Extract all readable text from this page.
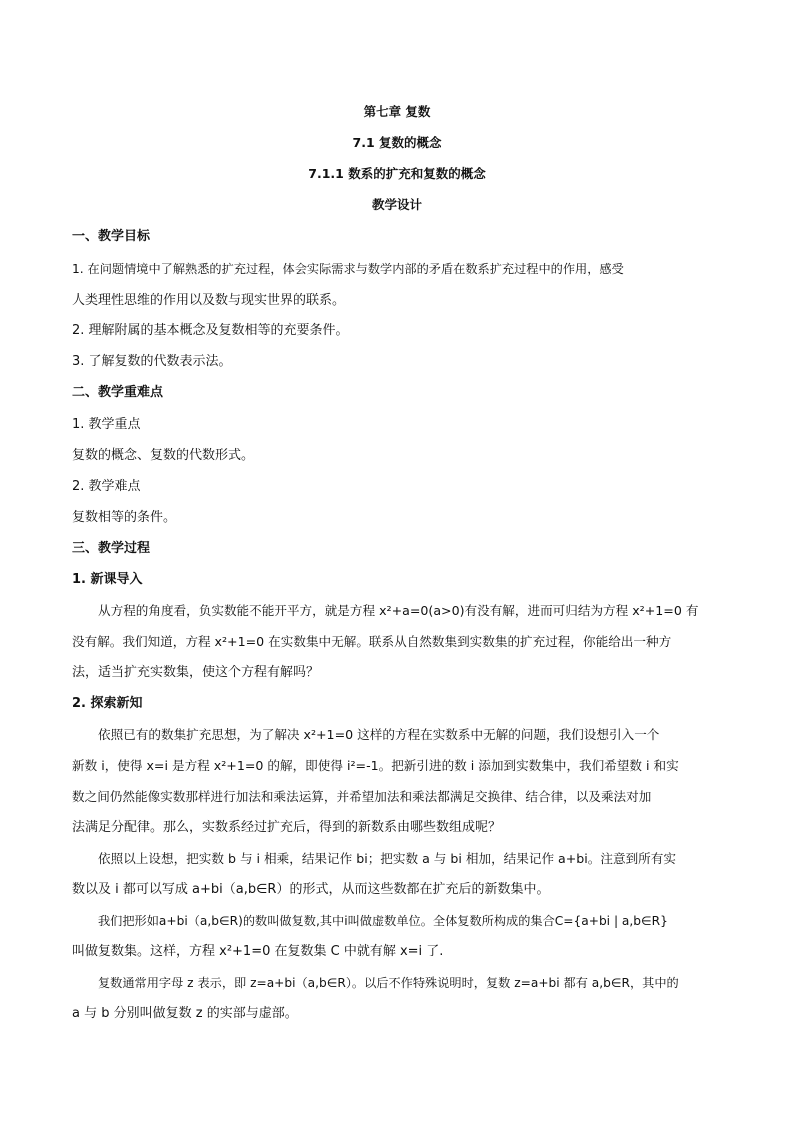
第七章 复数
7.1 复数的概念
7.1.1 数系的扩充和复数的概念
教学设计
一、教学目标
1. 在问题情境中了解熟悉的扩充过程，体会实际需求与数学内部的矛盾在数系扩充过程中的作用，感受
人类理性思维的作用以及数与现实世界的联系。
2. 理解附属的基本概念及复数相等的充要条件。
3. 了解复数的代数表示法。
二、教学重难点
1. 教学重点
复数的概念、复数的代数形式。
2. 教学难点
复数相等的条件。
三、教学过程
1. 新课导入
从方程的角度看，负实数能不能开平方，就是方程 x²+a=0(a>0)有没有解，进而可归结为方程 x²+1=0 有
没有解。我们知道，方程 x²+1=0 在实数集中无解。联系从自然数集到实数集的扩充过程，你能给出一种方
法，适当扩充实数集，使这个方程有解吗？
2. 探索新知
依照已有的数集扩充思想，为了解决 x²+1=0 这样的方程在实数系中无解的问题，我们设想引入一个
新数 i，使得 x=i 是方程 x²+1=0 的解，即使得 i²=-1。把新引进的数 i 添加到实数集中，我们希望数 i 和实
数之间仍然能像实数那样进行加法和乘法运算，并希望加法和乘法都满足交换律、结合律，以及乘法对加
法满足分配律。那么，实数系经过扩充后，得到的新数系由哪些数组成呢？
依照以上设想，把实数 b 与 i 相乘，结果记作 bi；把实数 a 与 bi 相加，结果记作 a+bi。注意到所有实
数以及 i 都可以写成 a+bi（a,b∈R）的形式，从而这些数都在扩充后的新数集中。
我们把形如a+bi（a,b∈R)的数叫做复数,其中i叫做虚数单位。全体复数所构成的集合C={a+bi | a,b∈R}
叫做复数集。这样，方程 x²+1=0 在复数集 C 中就有解 x=i 了.
复数通常用字母 z 表示，即 z=a+bi（a,b∈R）。以后不作特殊说明时，复数 z=a+bi 都有 a,b∈R，其中的
a 与 b 分别叫做复数 z 的实部与虚部。
